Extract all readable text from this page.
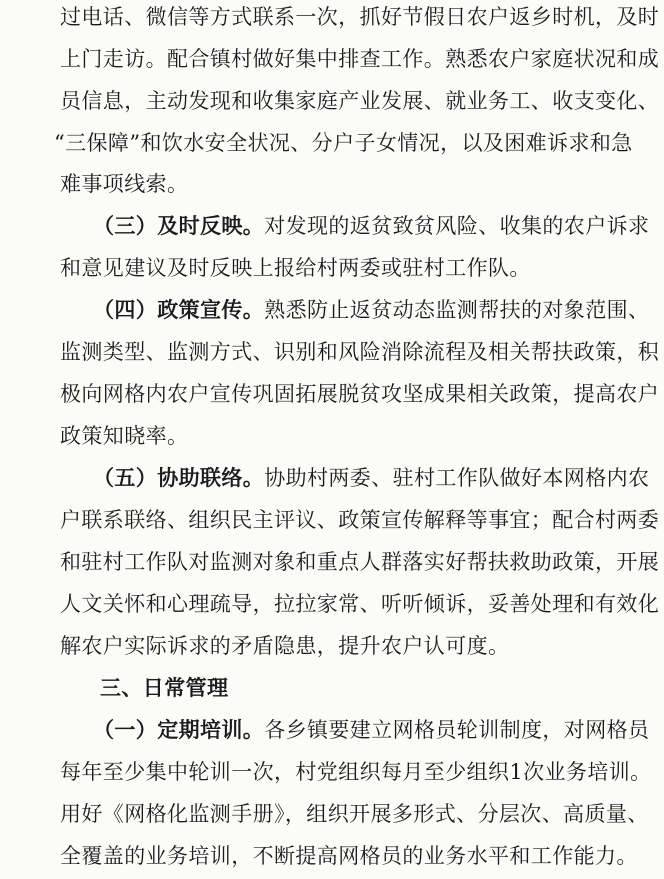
过电话、微信等方式联系一次，抓好节假日农户返乡时机，及时
上门走访。配合镇村做好集中排查工作。熟悉农户家庭状况和成
员信息，主动发现和收集家庭产业发展、就业务工、收支变化、
“三保障”和饮水安全状况、分户子女情况，以及困难诉求和急
难事项线索。
（三）及时反映。对发现的返贫致贫风险、收集的农户诉求
和意见建议及时反映上报给村两委或驻村工作队。
（四）政策宣传。熟悉防止返贫动态监测帮扶的对象范围、
监测类型、监测方式、识别和风险消除流程及相关帮扶政策，积
极向网格内农户宣传巩固拓展脱贫攻坚成果相关政策，提高农户
政策知晓率。
（五）协助联络。协助村两委、驻村工作队做好本网格内农
户联系联络、组织民主评议、政策宣传解释等事宜；配合村两委
和驻村工作队对监测对象和重点人群落实好帮扶救助政策，开展
人文关怀和心理疏导，拉拉家常、听听倾诉，妥善处理和有效化
解农户实际诉求的矛盾隐患，提升农户认可度。
三、日常管理
（一）定期培训。各乡镇要建立网格员轮训制度，对网格员
每年至少集中轮训一次，村党组织每月至少组织1次业务培训。
用好《网格化监测手册》，组织开展多形式、分层次、高质量、
全覆盖的业务培训，不断提高网格员的业务水平和工作能力。
